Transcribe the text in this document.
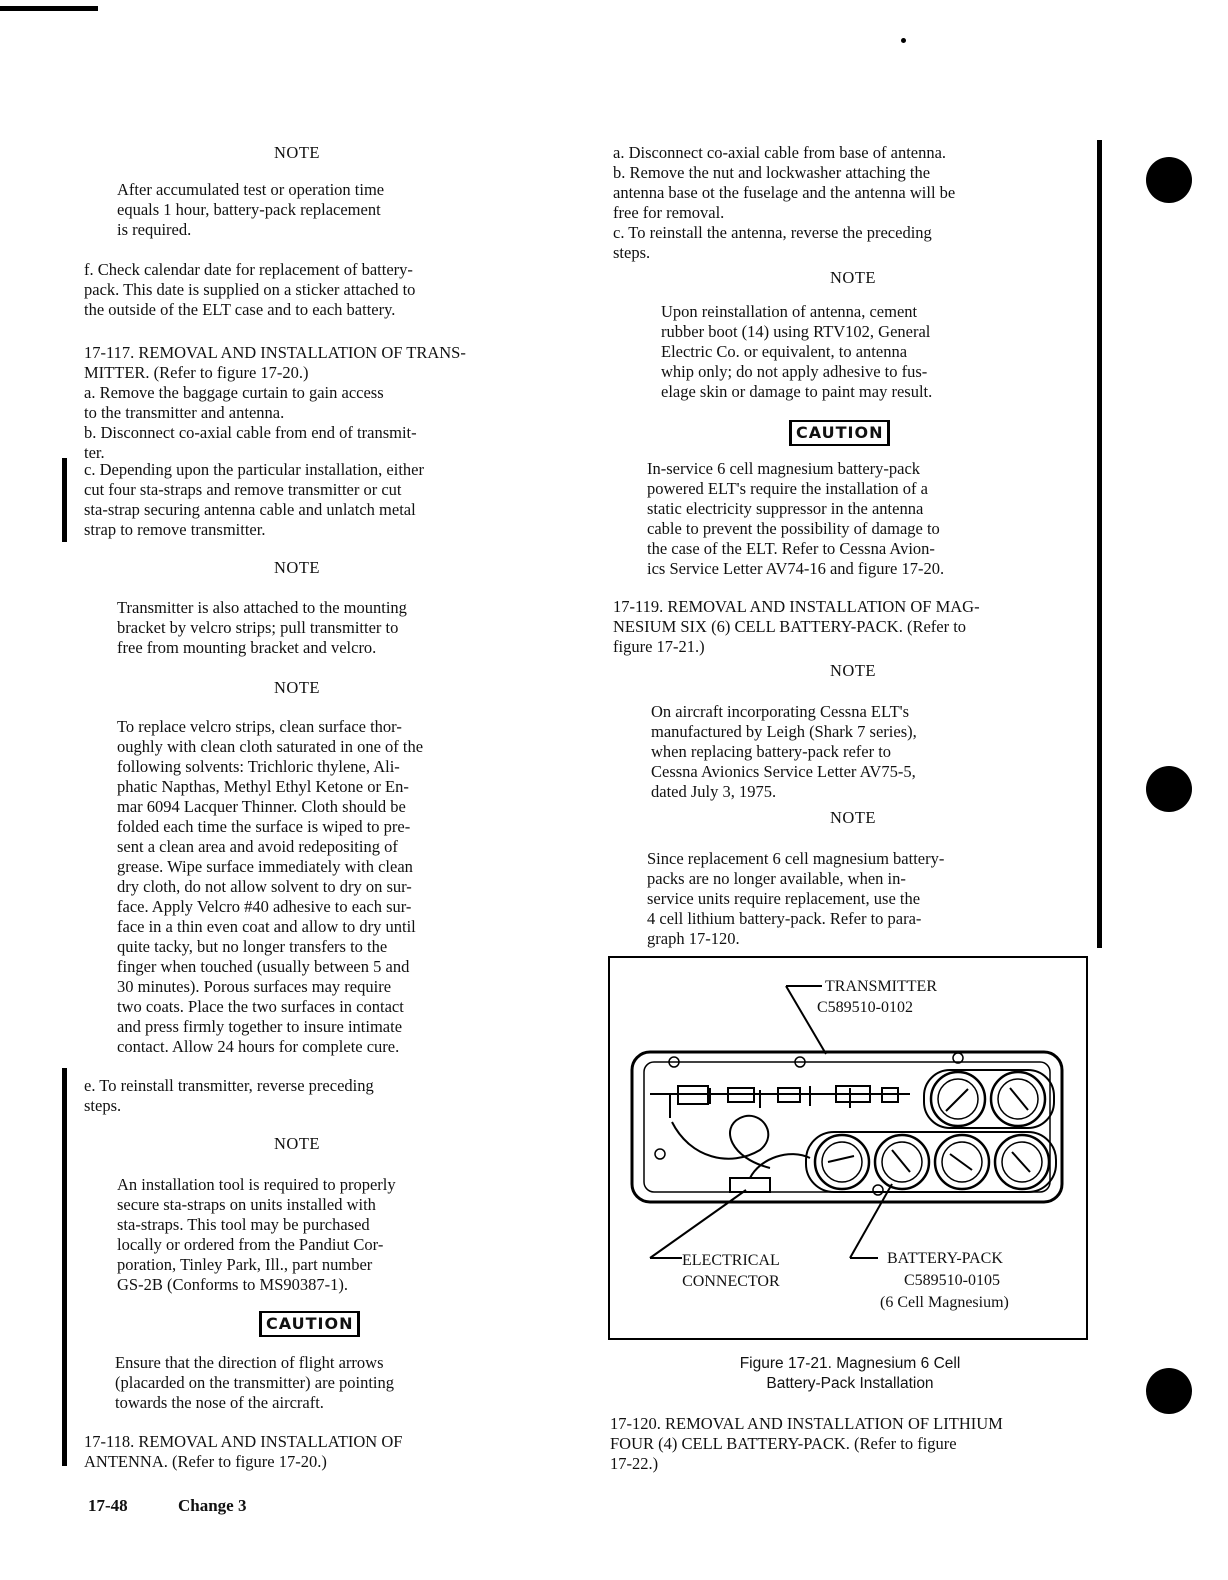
NOTE
After accumulated test or operation time
equals 1 hour, battery-pack replacement
is required.
f. Check calendar date for replacement of battery-
pack. This date is supplied on a sticker attached to
the outside of the ELT case and to each battery.
17-117. REMOVAL AND INSTALLATION OF TRANS-
MITTER. (Refer to figure 17-20.)
a. Remove the baggage curtain to gain access
to the transmitter and antenna.
b. Disconnect co-axial cable from end of transmit-
ter.
c. Depending upon the particular installation, either
cut four sta-straps and remove transmitter or cut
sta-strap securing antenna cable and unlatch metal
strap to remove transmitter.
NOTE
Transmitter is also attached to the mounting
bracket by velcro strips; pull transmitter to
free from mounting bracket and velcro.
NOTE
To replace velcro strips, clean surface thor-
oughly with clean cloth saturated in one of the
following solvents: Trichloric thylene, Ali-
phatic Napthas, Methyl Ethyl Ketone or En-
mar 6094 Lacquer Thinner. Cloth should be
folded each time the surface is wiped to pre-
sent a clean area and avoid redepositing of
grease. Wipe surface immediately with clean
dry cloth, do not allow solvent to dry on sur-
face. Apply Velcro #40 adhesive to each sur-
face in a thin even coat and allow to dry until
quite tacky, but no longer transfers to the
finger when touched (usually between 5 and
30 minutes). Porous surfaces may require
two coats. Place the two surfaces in contact
and press firmly together to insure intimate
contact. Allow 24 hours for complete cure.
e. To reinstall transmitter, reverse preceding
steps.
NOTE
An installation tool is required to properly
secure sta-straps on units installed with
sta-straps. This tool may be purchased
locally or ordered from the Pandiut Cor-
poration, Tinley Park, Ill., part number
GS-2B (Conforms to MS90387-1).
CAUTION
Ensure that the direction of flight arrows
(placarded on the transmitter) are pointing
towards the nose of the aircraft.
17-118. REMOVAL AND INSTALLATION OF
ANTENNA. (Refer to figure 17-20.)
a. Disconnect co-axial cable from base of antenna.
b. Remove the nut and lockwasher attaching the
antenna base ot the fuselage and the antenna will be
free for removal.
c. To reinstall the antenna, reverse the preceding
steps.
NOTE
Upon reinstallation of antenna, cement
rubber boot (14) using RTV102, General
Electric Co. or equivalent, to antenna
whip only; do not apply adhesive to fus-
elage skin or damage to paint may result.
CAUTION
In-service 6 cell magnesium battery-pack
powered ELT's require the installation of a
static electricity suppressor in the antenna
cable to prevent the possibility of damage to
the case of the ELT. Refer to Cessna Avion-
ics Service Letter AV74-16 and figure 17-20.
17-119. REMOVAL AND INSTALLATION OF MAG-
NESIUM SIX (6) CELL BATTERY-PACK. (Refer to
figure 17-21.)
NOTE
On aircraft incorporating Cessna ELT's
manufactured by Leigh (Shark 7 series),
when replacing battery-pack refer to
Cessna Avionics Service Letter AV75-5,
dated July 3, 1975.
NOTE
Since replacement 6 cell magnesium battery-
packs are no longer available, when in-
service units require replacement, use the
4 cell lithium battery-pack. Refer to para-
graph 17-120.
TRANSMITTER
C589510-0102
ELECTRICAL
CONNECTOR
BATTERY-PACK
C589510-0105
(6 Cell Magnesium)
Figure 17-21. Magnesium 6 Cell
Battery-Pack Installation
17-120. REMOVAL AND INSTALLATION OF LITHIUM
FOUR (4) CELL BATTERY-PACK. (Refer to figure
17-22.)
17-48	Change 3
